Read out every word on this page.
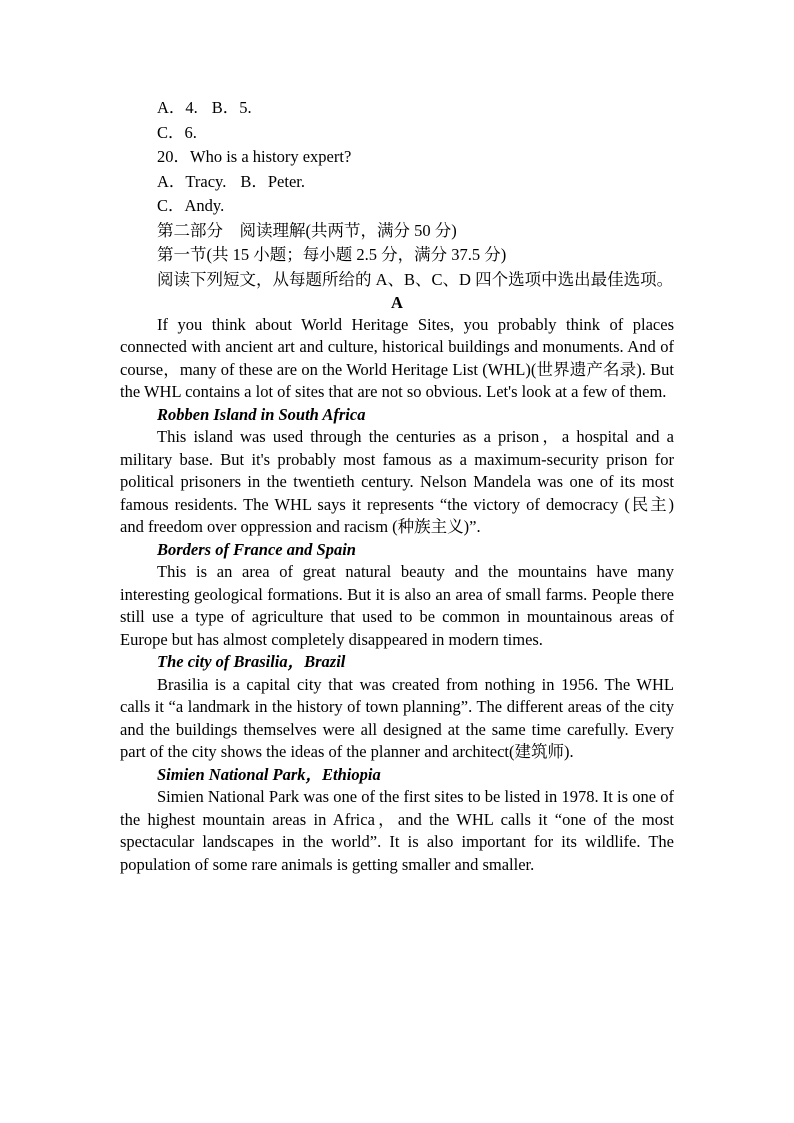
A．4. B．5.
C．6.
20．Who is a history expert?
A．Tracy. B．Peter.
C．Andy.
第二部分　阅读理解(共两节，满分 50 分)
第一节(共 15 小题；每小题 2.5 分，满分 37.5 分)

阅读下列短文，从每题所给的 A、B、C、D 四个选项中选出最佳选项。

A

If you think about World Heritage Sites, you probably think of places connected with ancient art and culture, historical buildings and monuments. And of course，many of these are on the World Heritage List (WHL)(世界遗产名录). But the WHL contains a lot of sites that are not so obvious. Let's look at a few of them.

Robben Island in South Africa

This island was used through the centuries as a prison，a hospital and a military base. But it's probably most famous as a maximum-security prison for political prisoners in the twentieth century. Nelson Mandela was one of its most famous residents. The WHL says it represents “the victory of democracy (民主) and freedom over oppression and racism (种族主义)”.

Borders of France and Spain

This is an area of great natural beauty and the mountains have many interesting geological formations. But it is also an area of small farms. People there still use a type of agriculture that used to be common in mountainous areas of Europe but has almost completely disappeared in modern times.

The city of Brasilia，Brazil

Brasilia is a capital city that was created from nothing in 1956. The WHL calls it “a landmark in the history of town planning”. The different areas of the city and the buildings themselves were all designed at the same time carefully. Every part of the city shows the ideas of the planner and architect(建筑师).

Simien National Park，Ethiopia

Simien National Park was one of the first sites to be listed in 1978. It is one of the highest mountain areas in Africa，and the WHL calls it “one of the most spectacular landscapes in the world”. It is also important for its wildlife. The population of some rare animals is getting smaller and smaller.
